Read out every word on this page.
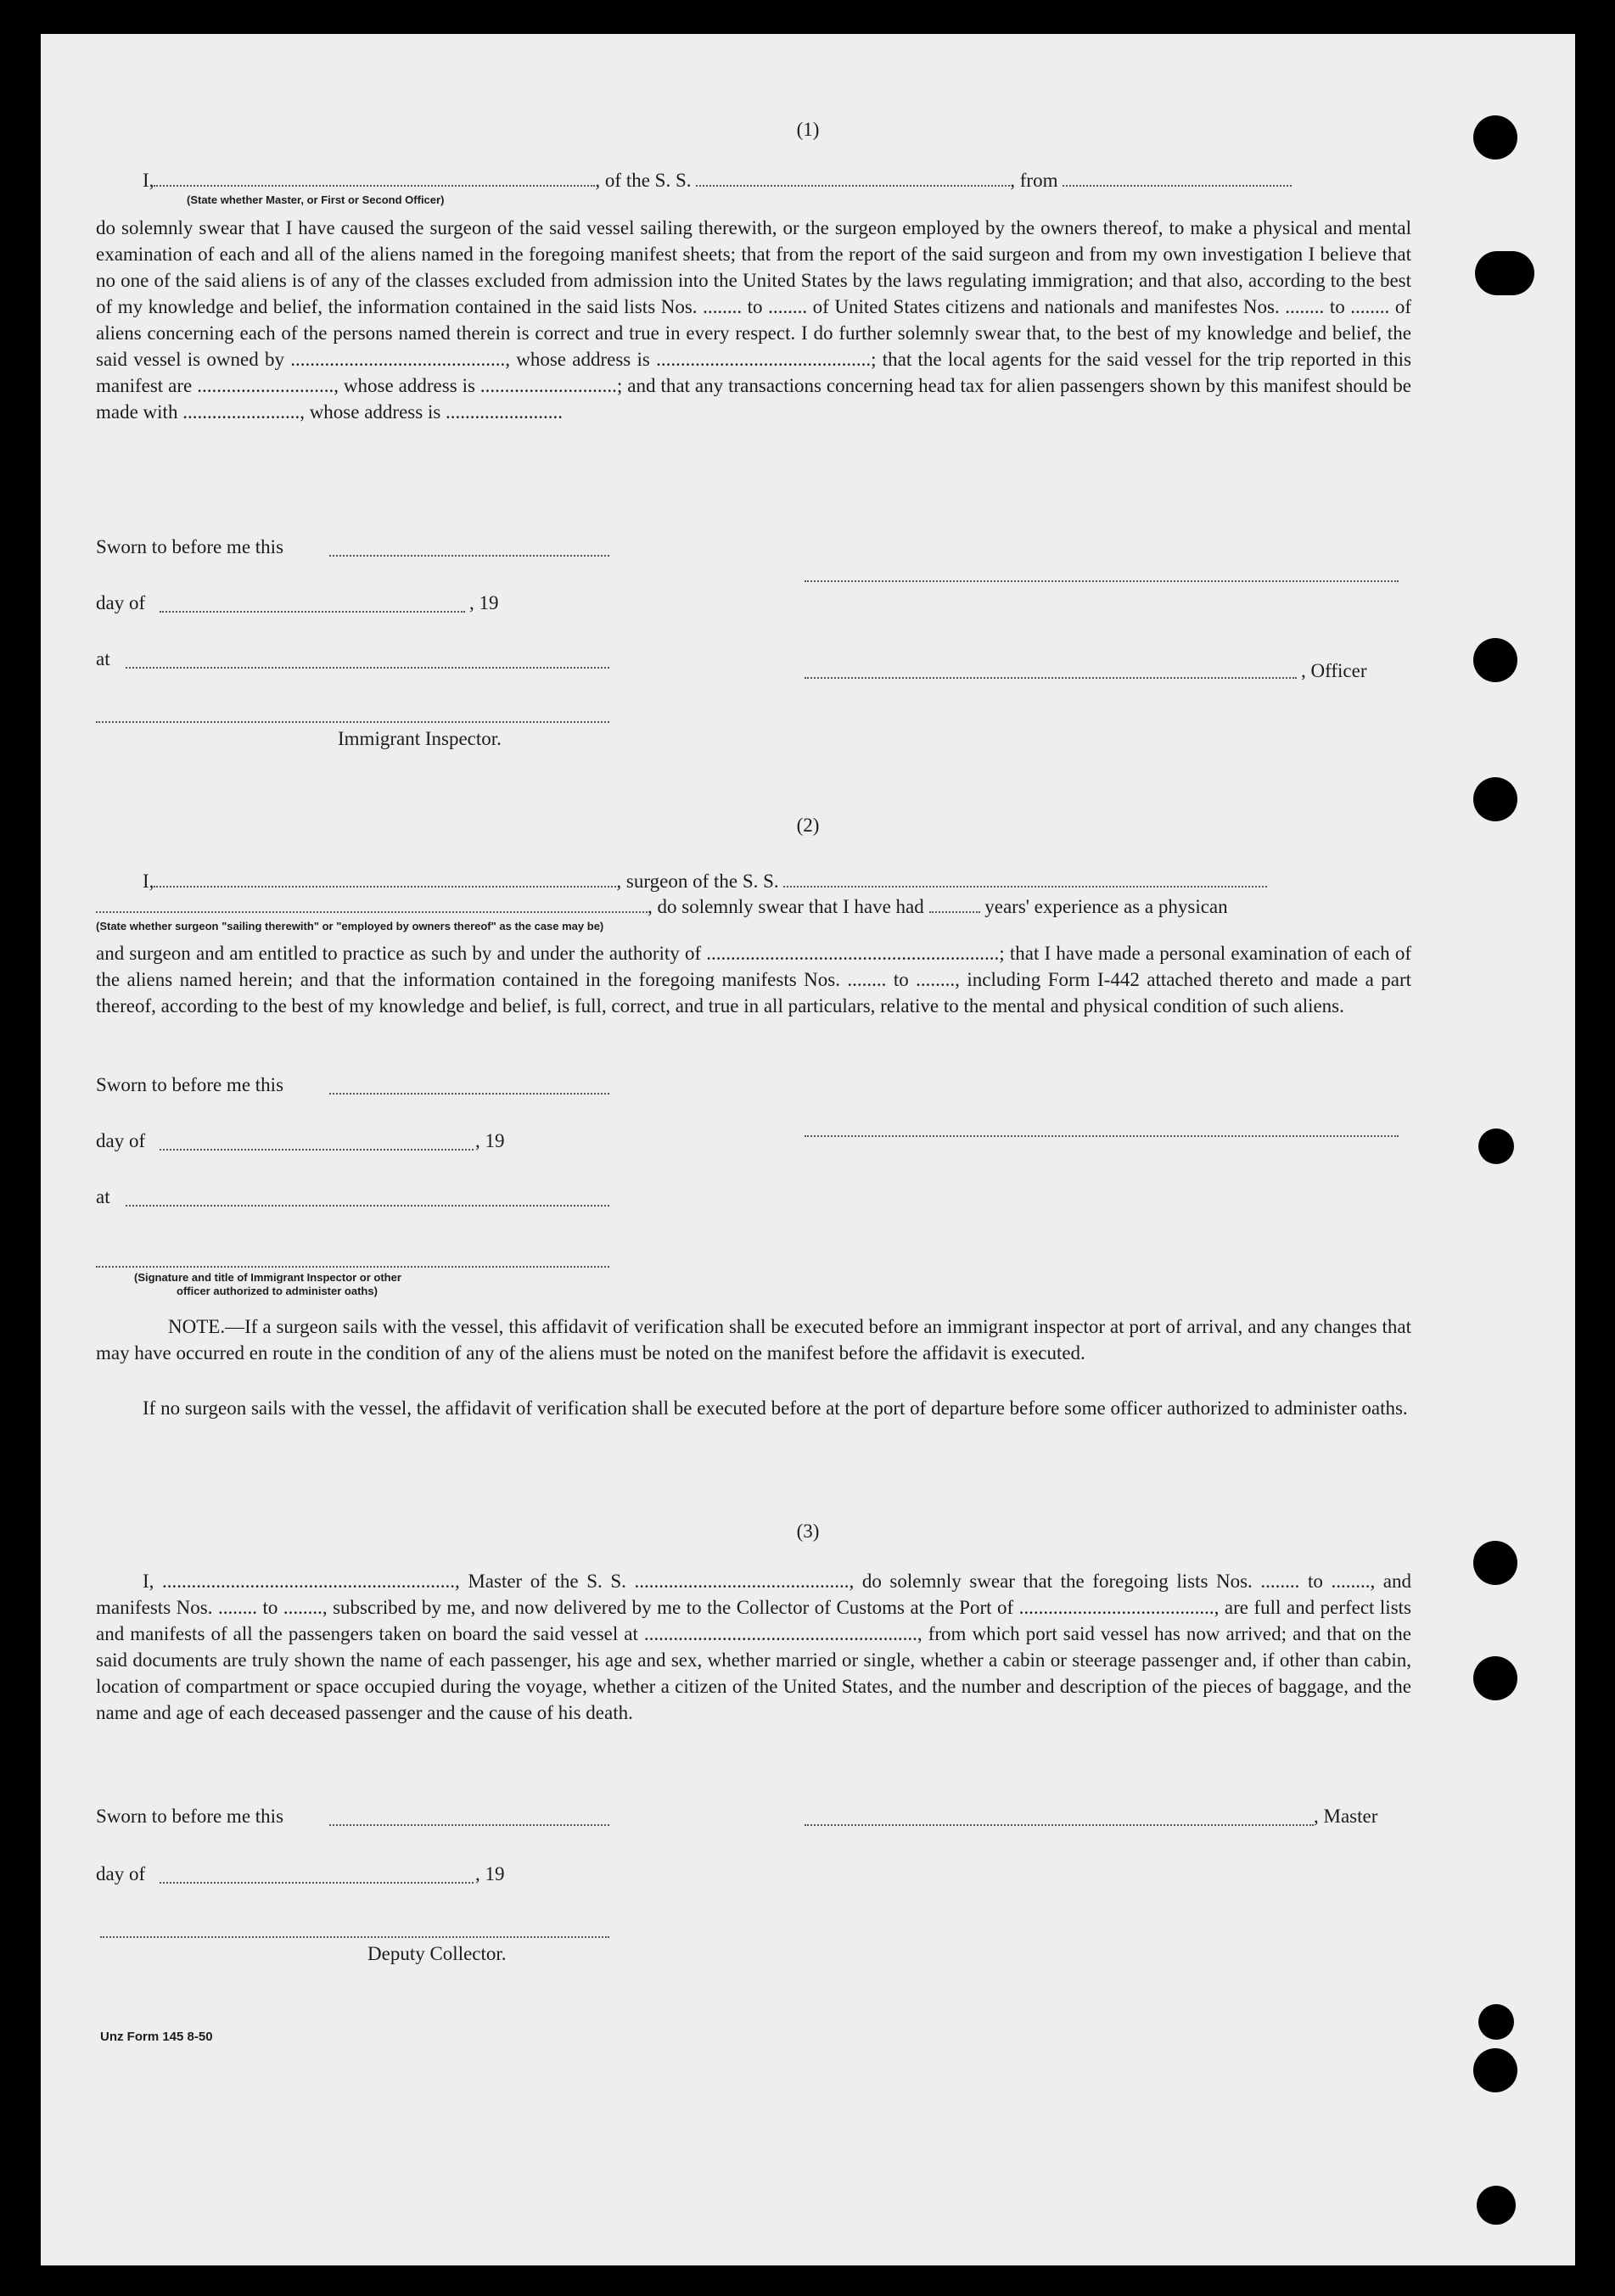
(1)
I,	, of the S. S.	, from
(State whether Master, or First or Second Officer)
do solemnly swear that I have caused the surgeon of the said vessel sailing therewith, or the surgeon employed by the owners thereof, to make a physical and mental examination of each and all of the aliens named in the foregoing manifest sheets; that from the report of the said surgeon and from my own investigation I believe that no one of the said aliens is of any of the classes excluded from admission into the United States by the laws regulating immigration; and that also, according to the best of my knowledge and belief, the information contained in the said lists Nos. ........ to ........ of United States citizens and nationals and manifestes Nos. ........ to ........ of aliens concerning each of the persons named therein is correct and true in every respect. I do further solemnly swear that, to the best of my knowledge and belief, the said vessel is owned by ............................................, whose address is ............................................; that the local agents for the said vessel for the trip reported in this manifest are ............................, whose address is ............................; and that any transactions concerning head tax for alien passengers shown by this manifest should be made with ........................, whose address is ........................
Sworn to before me this
day of	, 19
at
, Officer
Immigrant Inspector.
(2)
I,	, surgeon of the S. S.
, do solemnly swear that I have had	years' experience as a physican
(State whether surgeon "sailing therewith" or "employed by owners thereof" as the case may be)
and surgeon and am entitled to practice as such by and under the authority of ............................................................; that I have made a personal examination of each of the aliens named herein; and that the information contained in the foregoing manifests Nos. ........ to ........, including Form I-442 attached thereto and made a part thereof, according to the best of my knowledge and belief, is full, correct, and true in all particulars, relative to the mental and physical condition of such aliens.
Sworn to before me this
day of	, 19
at
(Signature and title of Immigrant Inspector or other
officer authorized to administer oaths)
NOTE.—If a surgeon sails with the vessel, this affidavit of verification shall be executed before an immigrant inspector at port of arrival, and any changes that may have occurred en route in the condition of any of the aliens must be noted on the manifest before the affidavit is executed.
If no surgeon sails with the vessel, the affidavit of verification shall be executed before at the port of departure before some officer authorized to administer oaths.
(3)
I, ............................................................, Master of the S. S. ............................................, do solemnly swear that the foregoing lists Nos. ........ to ........, and manifests Nos. ........ to ........, subscribed by me, and now delivered by me to the Collector of Customs at the Port of ........................................, are full and perfect lists and manifests of all the passengers taken on board the said vessel at ........................................................, from which port said vessel has now arrived; and that on the said documents are truly shown the name of each passenger, his age and sex, whether married or single, whether a cabin or steerage passenger and, if other than cabin, location of compartment or space occupied during the voyage, whether a citizen of the United States, and the number and description of the pieces of baggage, and the name and age of each deceased passenger and the cause of his death.
Sworn to before me this	, Master
day of	, 19
Deputy Collector.
Unz Form 145 8-50
